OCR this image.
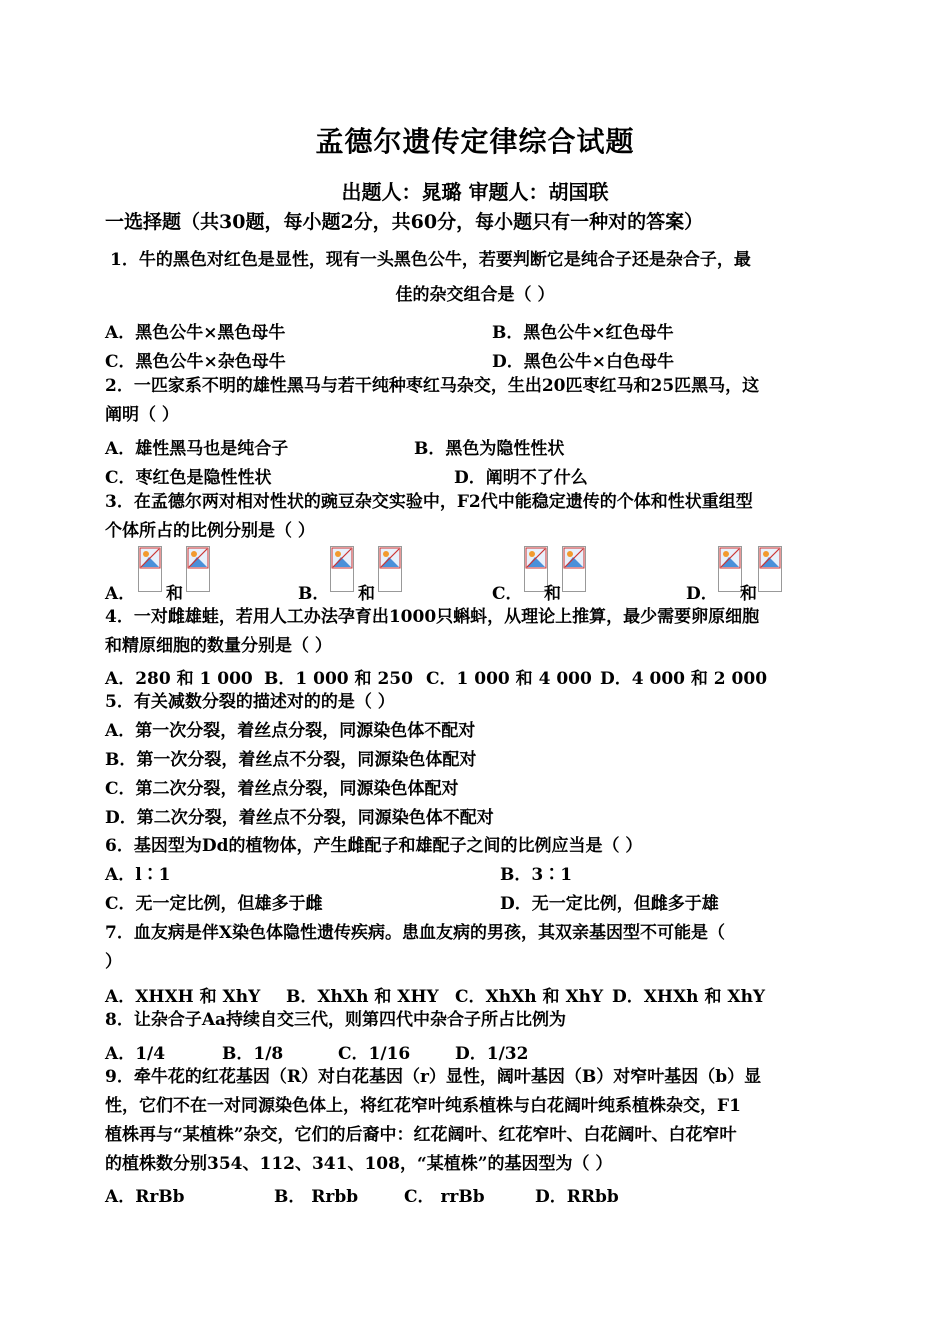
孟德尔遗传定律综合试题
出题人：晁璐 审题人：胡国联
一选择题（共30题，每小题2分，共60分，每小题只有一种对的答案）
1．牛的黑色对红色是显性，现有一头黑色公牛，若要判断它是纯合子还是杂合子，最
佳的杂交组合是（ ）
A．黑色公牛×黑色母牛	B．黑色公牛×红色母牛
C．黑色公牛×杂色母牛	D．黑色公牛×白色母牛
2．一匹家系不明的雄性黑马与若干纯种枣红马杂交，生出20匹枣红马和25匹黑马，这
阐明（ ）
A．雄性黑马也是纯合子	B．黑色为隐性性状
C．枣红色是隐性性状	D．阐明不了什么
3．在孟德尔两对相对性状的豌豆杂交实验中，F2代中能稳定遗传的个体和性状重组型
个体所占的比例分别是（ ）
A． 和	B． 和	C． 和	D． 和
4．一对雌雄蛙，若用人工办法孕育出1000只蝌蚪，从理论上推算，最少需要卵原细胞
和精原细胞的数量分别是（ ）
A．280 和 1 000 B．1 000 和 250 C．1 000 和 4 000 D．4 000 和 2 000
5．有关减数分裂的描述对的的是（ ）
A．第一次分裂，着丝点分裂，同源染色体不配对
B．第一次分裂，着丝点不分裂，同源染色体配对
C．第二次分裂，着丝点分裂，同源染色体配对
D．第二次分裂，着丝点不分裂，同源染色体不配对
6．基因型为Dd的植物体，产生雌配子和雄配子之间的比例应当是（ ）
A．l∶1	B．3∶1
C．无一定比例，但雄多于雌	D．无一定比例，但雌多于雄
7．血友病是伴X染色体隐性遗传疾病。患血友病的男孩，其双亲基因型不可能是（
）
A．XHXH 和 XhY B．XhXh 和 XHY C．XhXh 和 XhY D．XHXh 和 XhY
8．让杂合子Aa持续自交三代，则第四代中杂合子所占比例为
A．1/4	B．1/8	C．1/16	D．1/32
9．牵牛花的红花基因（R）对白花基因（r）显性，阔叶基因（B）对窄叶基因（b）显
性，它们不在一对同源染色体上，将红花窄叶纯系植株与白花阔叶纯系植株杂交，F1
植株再与“某植株”杂交，它们的后裔中：红花阔叶、红花窄叶、白花阔叶、白花窄叶
的植株数分别354、112、341、108，“某植株”的基因型为（ ）
A．RrBb	B． Rrbb	C． rrBb	D．RRbb
